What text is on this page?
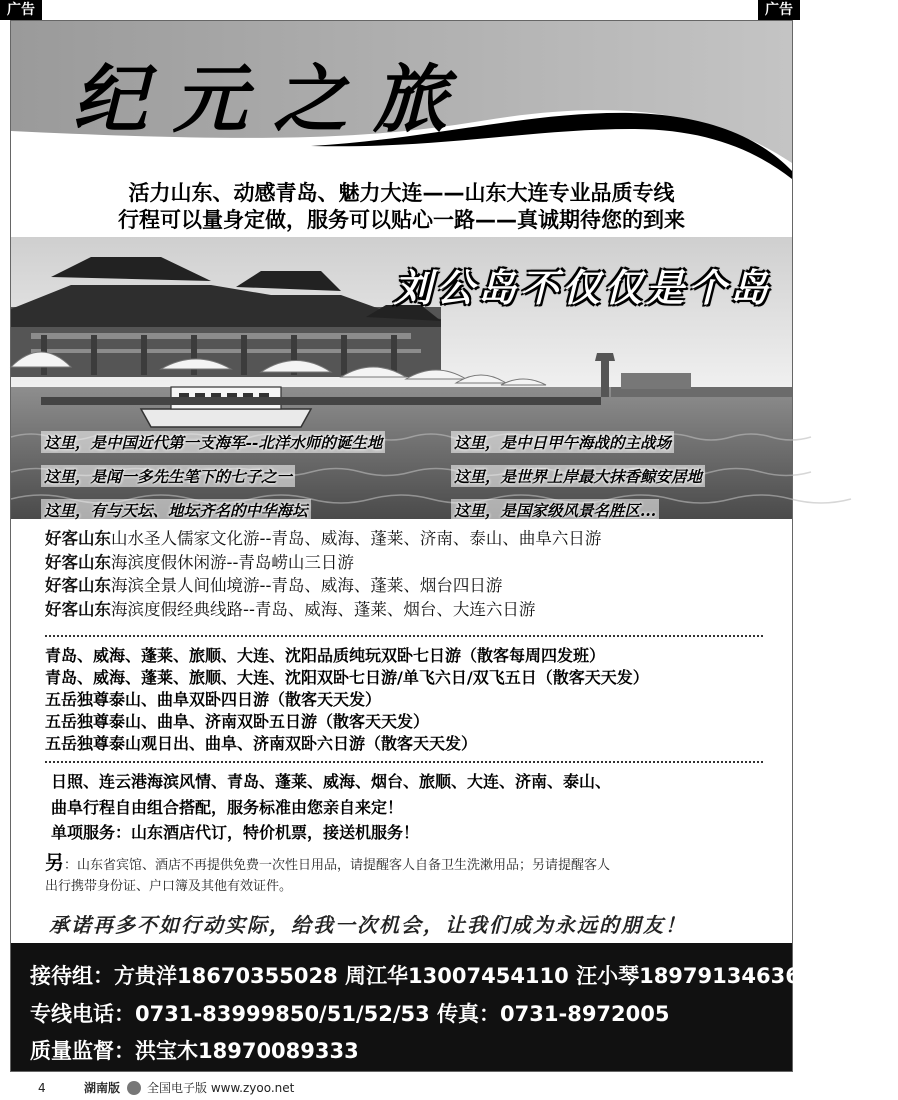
广告	广告
纪元之旅
活力山东、动感青岛、魅力大连——山东大连专业品质专线
行程可以量身定做，服务可以贴心一路——真诚期待您的到来
刘公岛不仅仅是个岛
这里，是中国近代第一支海军--北洋水师的诞生地
这里，是闻一多先生笔下的七子之一
这里，有与天坛、地坛齐名的中华海坛
这里，是中日甲午海战的主战场
这里，是世界上岸最大抹香鲸安居地
这里，是国家级风景名胜区...
好客山东山水圣人儒家文化游--青岛、威海、蓬莱、济南、泰山、曲阜六日游
好客山东海滨度假休闲游--青岛崂山三日游
好客山东海滨全景人间仙境游--青岛、威海、蓬莱、烟台四日游
好客山东海滨度假经典线路--青岛、威海、蓬莱、烟台、大连六日游
青岛、威海、蓬莱、旅顺、大连、沈阳品质纯玩双卧七日游（散客每周四发班）
青岛、威海、蓬莱、旅顺、大连、沈阳双卧七日游/单飞六日/双飞五日（散客天天发）
五岳独尊泰山、曲阜双卧四日游（散客天天发）
五岳独尊泰山、曲阜、济南双卧五日游（散客天天发）
五岳独尊泰山观日出、曲阜、济南双卧六日游（散客天天发）
日照、连云港海滨风情、青岛、蓬莱、威海、烟台、旅顺、大连、济南、泰山、
曲阜行程自由组合搭配，服务标准由您亲自来定！
单项服务：山东酒店代订，特价机票，接送机服务！
另：山东省宾馆、酒店不再提供免费一次性日用品，请提醒客人自备卫生洗漱用品；另请提醒客人
出行携带身份证、户口簿及其他有效证件。
承诺再多不如行动实际，给我一次机会，让我们成为永远的朋友！
接待组：方贵洋18670355028 周江华13007454110 汪小琴18979134636 小付 小洪
专线电话：0731-83999850/51/52/53 传真：0731-8972005
质量监督：洪宝木18970089333
4	湖南版 全国电子版 www.zyoo.net
